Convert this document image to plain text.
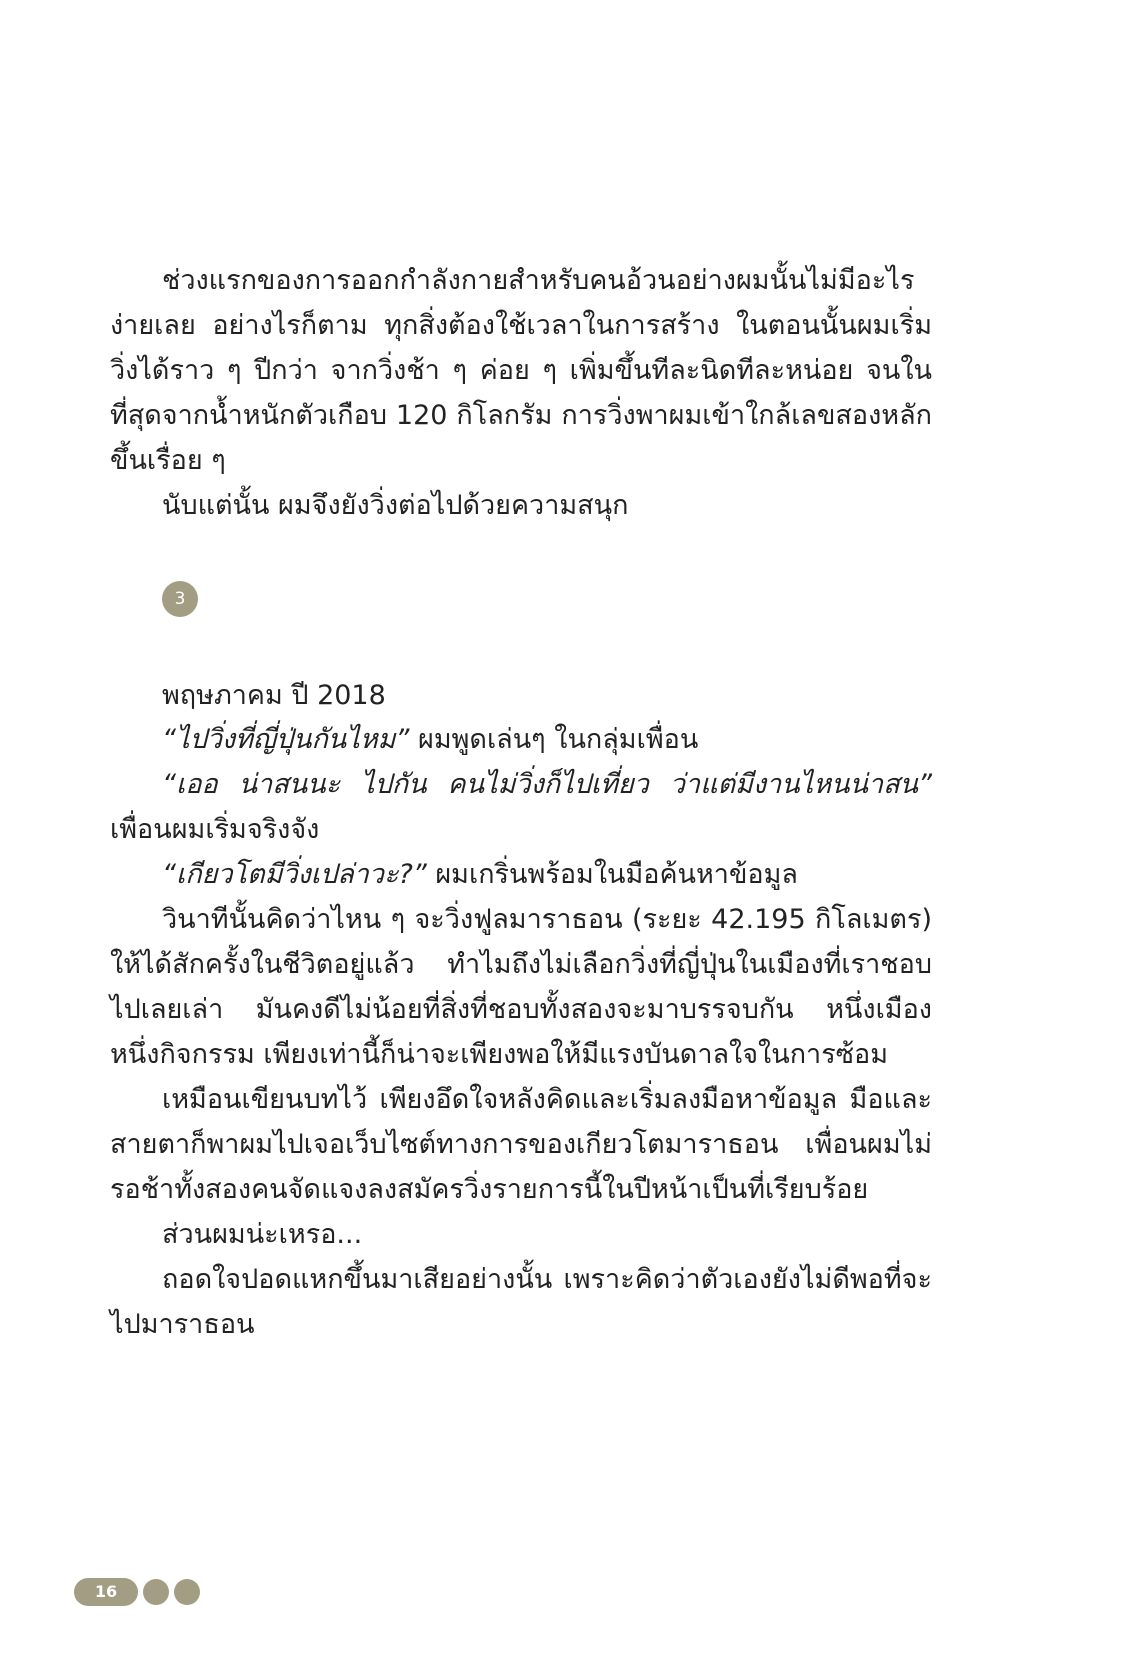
ช่วงแรกของการออกกำลังกายสำหรับคนอ้วนอย่างผมนั้นไม่มีอะไรง่ายเลย อย่างไรก็ตาม ทุกสิ่งต้องใช้เวลาในการสร้าง ในตอนนั้นผมเริ่มวิ่งได้ราว ๆ ปีกว่า จากวิ่งช้า ๆ ค่อย ๆ เพิ่มขึ้นทีละนิดทีละหน่อย จนในที่สุดจากน้ำหนักตัวเกือบ 120 กิโลกรัม การวิ่งพาผมเข้าใกล้เลขสองหลักขึ้นเรื่อย ๆ

นับแต่นั้น ผมจึงยังวิ่งต่อไปด้วยความสนุก

3

พฤษภาคม ปี 2018

“ไปวิ่งที่ญี่ปุ่นกันไหม” ผมพูดเล่นๆ ในกลุ่มเพื่อน

“เออ น่าสนนะ ไปกัน คนไม่วิ่งก็ไปเที่ยว ว่าแต่มีงานไหนน่าสน” เพื่อนผมเริ่มจริงจัง

“เกียวโตมีวิ่งเปล่าวะ?” ผมเกริ่นพร้อมในมือค้นหาข้อมูล

วินาทีนั้นคิดว่าไหน ๆ จะวิ่งฟูลมาราธอน (ระยะ 42.195 กิโลเมตร) ให้ได้สักครั้งในชีวิตอยู่แล้ว ทำไมถึงไม่เลือกวิ่งที่ญี่ปุ่นในเมืองที่เราชอบไปเลยเล่า มันคงดีไม่น้อยที่สิ่งที่ชอบทั้งสองจะมาบรรจบกัน หนึ่งเมือง หนึ่งกิจกรรม เพียงเท่านี้ก็น่าจะเพียงพอให้มีแรงบันดาลใจในการซ้อม

เหมือนเขียนบทไว้ เพียงอึดใจหลังคิดและเริ่มลงมือหาข้อมูล มือและสายตาก็พาผมไปเจอเว็บไซต์ทางการของเกียวโตมาราธอน เพื่อนผมไม่รอช้าทั้งสองคนจัดแจงลงสมัครวิ่งรายการนี้ในปีหน้าเป็นที่เรียบร้อย

ส่วนผมน่ะเหรอ...

ถอดใจปอดแหกขึ้นมาเสียอย่างนั้น เพราะคิดว่าตัวเองยังไม่ดีพอที่จะไปมาราธอน

16
